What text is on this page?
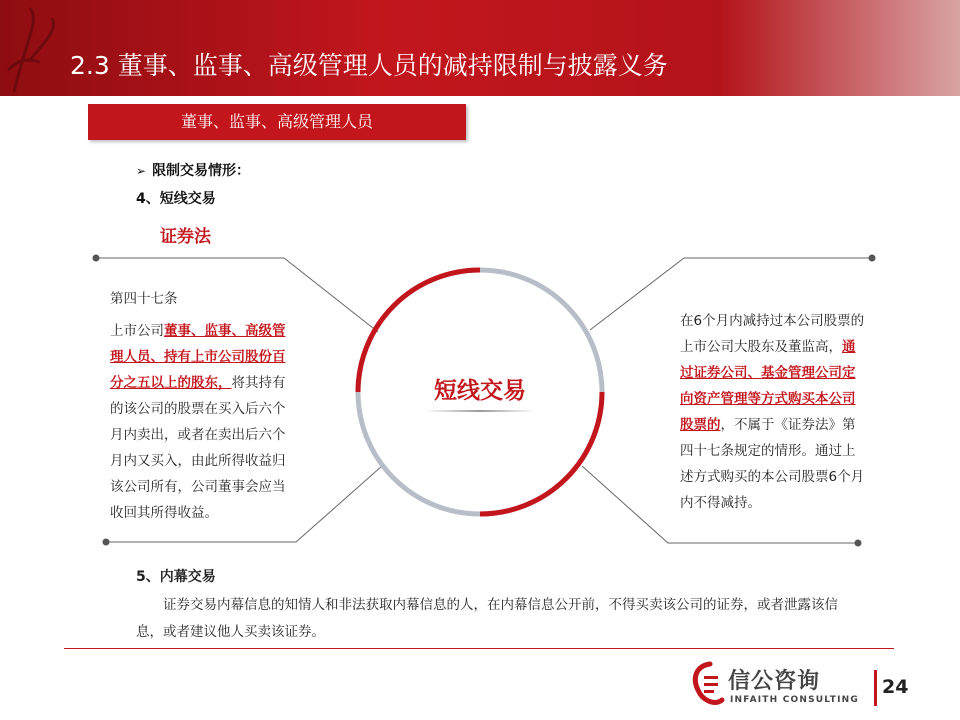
2.3 董事、监事、高级管理人员的减持限制与披露义务
董事、监事、高级管理人员
➢ 限制交易情形：
4、短线交易
证券法
第四十七条
上市公司董事、监事、高级管理人员、持有上市公司股份百分之五以上的股东，将其持有的该公司的股票在买入后六个月内卖出，或者在卖出后六个月内又买入，由此所得收益归该公司所有，公司董事会应当收回其所得收益。
短线交易
在6个月内减持过本公司股票的上市公司大股东及董监高，通过证券公司、基金管理公司定向资产管理等方式购买本公司股票的，不属于《证券法》第四十七条规定的情形。通过上述方式购买的本公司股票6个月内不得减持。
5、内幕交易
证券交易内幕信息的知情人和非法获取内幕信息的人，在内幕信息公开前，不得买卖该公司的证券，或者泄露该信息，或者建议他人买卖该证券。
信公咨询
INFAITH CONSULTING
24
